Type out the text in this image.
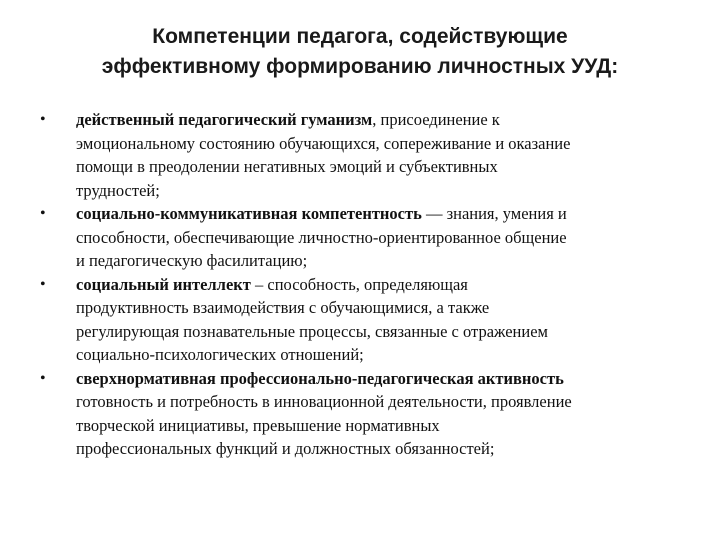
Компетенции педагога, содействующие
эффективному формированию личностных УУД:
•	действенный педагогический гуманизм, присоединение к
эмоциональному состоянию обучающихся, сопереживание и оказание
помощи в преодолении негативных эмоций и субъективных
трудностей;
•	социально-коммуникативная компетентность — знания, умения и
способности, обеспечивающие личностно-ориентированное общение
и педагогическую фасилитацию;
•	социальный интеллект – способность, определяющая
продуктивность взаимодействия с обучающимися, а также
регулирующая познавательные процессы, связанные с отражением
социально-психологических отношений;
•	сверхнормативная профессионально-педагогическая активность
готовность и потребность в инновационной деятельности, проявление
творческой инициативы, превышение нормативных
профессиональных функций и должностных обязанностей;
